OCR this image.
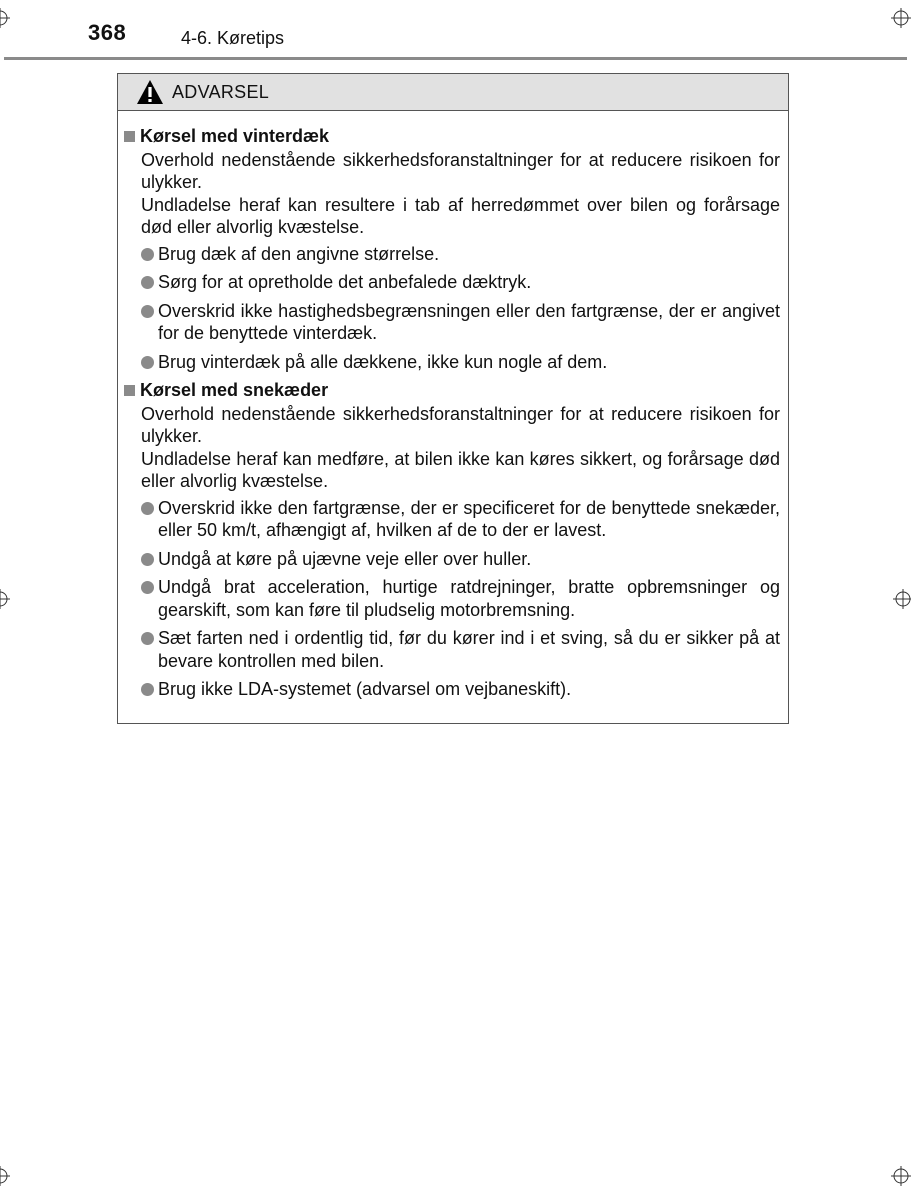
368	4-6. Køretips
ADVARSEL
Kørsel med vinterdæk
Overhold nedenstående sikkerhedsforanstaltninger for at reducere risikoen for ulykker.
Undladelse heraf kan resultere i tab af herredømmet over bilen og forårsage død eller alvorlig kvæstelse.
Brug dæk af den angivne størrelse.
Sørg for at opretholde det anbefalede dæktryk.
Overskrid ikke hastighedsbegrænsningen eller den fartgrænse, der er angivet for de benyttede vinterdæk.
Brug vinterdæk på alle dækkene, ikke kun nogle af dem.
Kørsel med snekæder
Overhold nedenstående sikkerhedsforanstaltninger for at reducere risikoen for ulykker.
Undladelse heraf kan medføre, at bilen ikke kan køres sikkert, og forårsage død eller alvorlig kvæstelse.
Overskrid ikke den fartgrænse, der er specificeret for de benyttede snekæder, eller 50 km/t, afhængigt af, hvilken af de to der er lavest.
Undgå at køre på ujævne veje eller over huller.
Undgå brat acceleration, hurtige ratdrejninger, bratte opbremsninger og gearskift, som kan føre til pludselig motorbremsning.
Sæt farten ned i ordentlig tid, før du kører ind i et sving, så du er sikker på at bevare kontrollen med bilen.
Brug ikke LDA-systemet (advarsel om vejbaneskift).
